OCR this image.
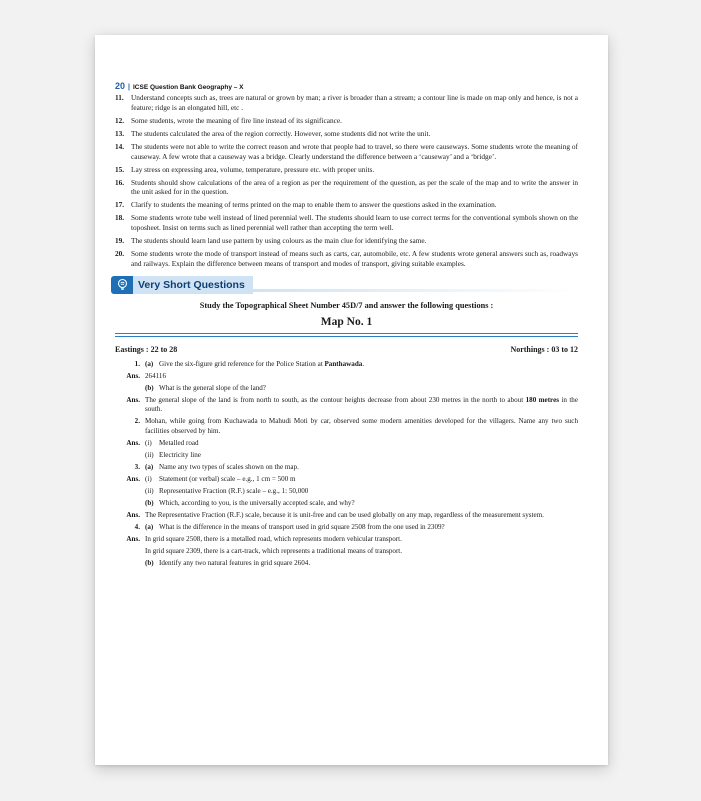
20 | ICSE Question Bank Geography – X
11. Understand concepts such as, trees are natural or grown by man; a river is broader than a stream; a contour line is made on map only and hence, is not a feature; ridge is an elongated hill, etc .
12. Some students, wrote the meaning of fire line instead of its significance.
13. The students calculated the area of the region correctly. However, some students did not write the unit.
14. The students were not able to write the correct reason and wrote that people had to travel, so there were causeways. Some students wrote the meaning of causeway. A few wrote that a causeway was a bridge. Clearly understand the difference between a ‘causeway’ and a ‘bridge’.
15. Lay stress on expressing area, volume, temperature, pressure etc. with proper units.
16. Students should show calculations of the area of a region as per the requirement of the question, as per the scale of the map and to write the answer in the unit asked for in the question.
17. Clarify to students the meaning of terms printed on the map to enable them to answer the questions asked in the examination.
18. Some students wrote tube well instead of lined perennial well. The students should learn to use correct terms for the conventional symbols shown on the toposheet. Insist on terms such as lined perennial well rather than accepting the term well.
19. The students should learn land use pattern by using colours as the main clue for identifying the same.
20. Some students wrote the mode of transport instead of means such as carts, car, automobile, etc. A few students wrote general answers such as, roadways and railways. Explain the difference between means of transport and modes of transport, giving suitable examples.
Very Short Questions
Study the Topographical Sheet Number 45D/7 and answer the following questions :
Map No. 1
Eastings : 22 to 28	Northings : 03 to 12
1. (a) Give the six-figure grid reference for the Police Station at Panthawada.
Ans. 264116
(b) What is the general slope of the land?
Ans. The general slope of the land is from north to south, as the contour heights decrease from about 230 metres in the north to about 180 metres in the south.
2. Mohan, while going from Kuchawada to Mahudi Moti by car, observed some modern amenities developed for the villagers. Name any two such facilities observed by him.
Ans. (i)	Metalled road
(ii) Electricity line
3. (a) Name any two types of scales shown on the map.
Ans. (i)	Statement (or verbal) scale – e.g., 1 cm = 500 m
(ii) Representative Fraction (R.F.) scale – e.g., 1: 50,000
(b) Which, according to you, is the universally accepted scale, and why?
Ans. The Representative Fraction (R.F.) scale, because it is unit-free and can be used globally on any map, regardless of the measurement system.
4. (a) What is the difference in the means of transport used in grid square 2508 from the one used in 2309?
Ans. In grid square 2508, there is a metalled road, which represents modern vehicular transport.
In grid square 2309, there is a cart-track, which represents a traditional means of transport.
(b) Identify any two natural features in grid square 2604.
